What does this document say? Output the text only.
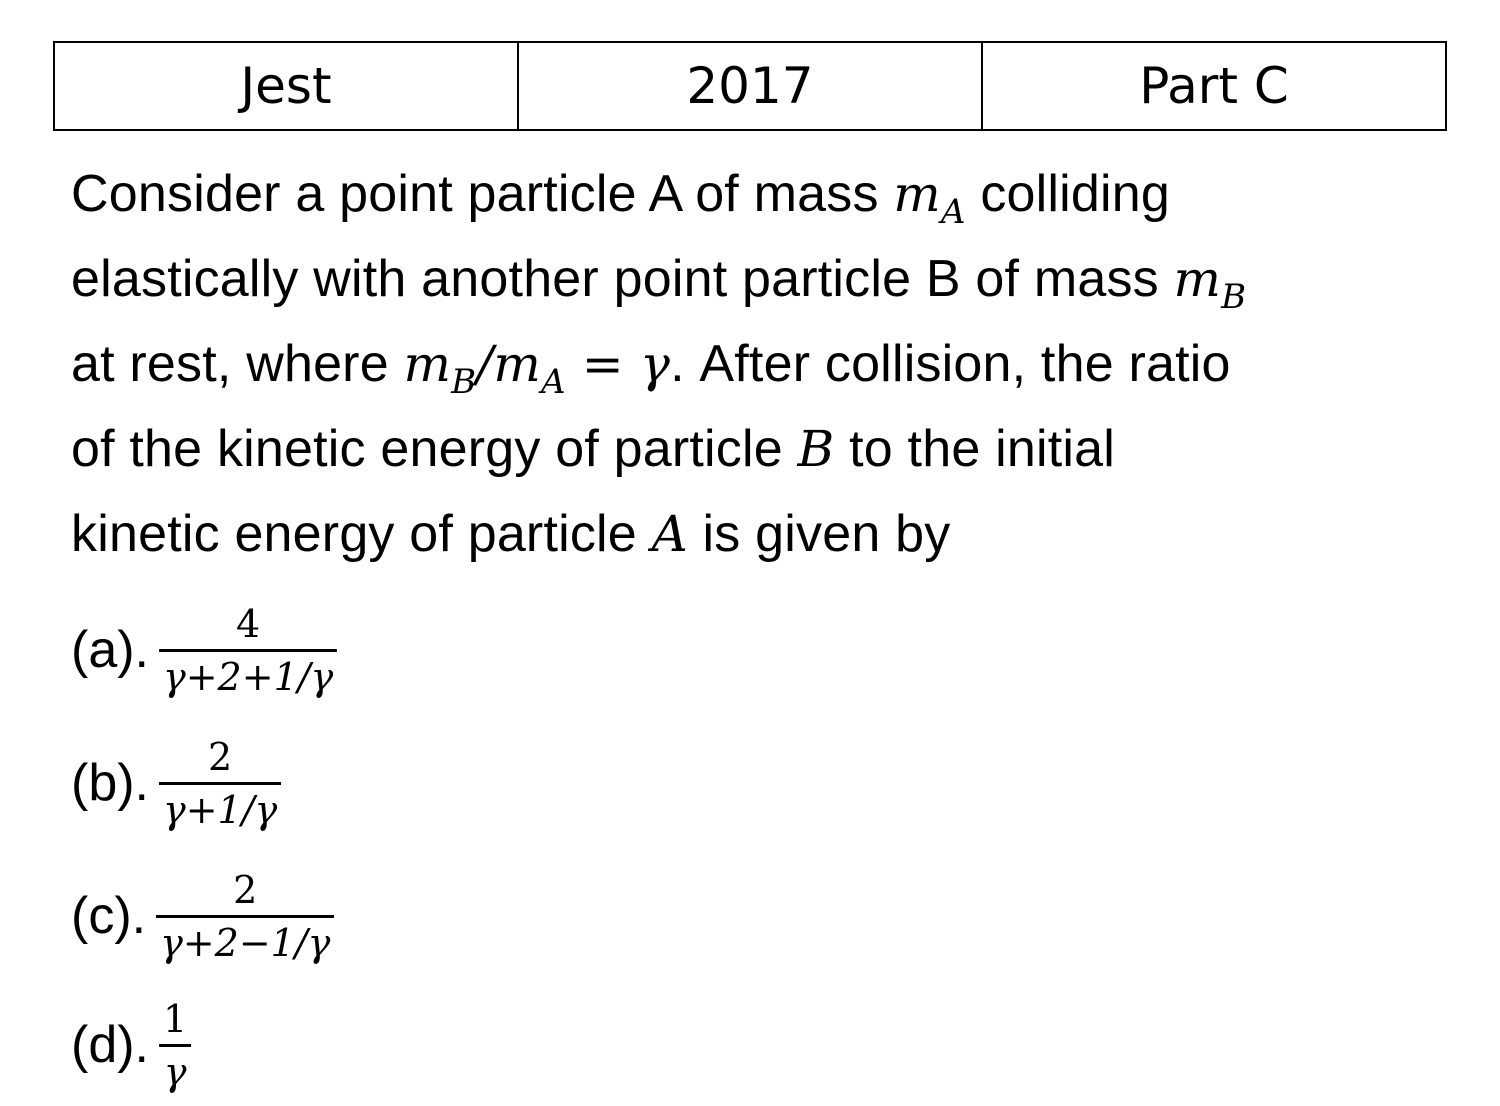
Jest	2017	Part C
Consider a point particle A of mass $m_A$ colliding
elastically with another point particle B of mass $m_B$
at rest, where $m_B/m_A = \gamma$. After collision, the ratio
of the kinetic energy of particle B to the initial
kinetic energy of particle A is given by
(a). $\frac{4}{\gamma+2+1/\gamma}$
(b). $\frac{2}{\gamma+1/\gamma}$
(c). $\frac{2}{\gamma+2-1/\gamma}$
(d). $\frac{1}{\gamma}$
